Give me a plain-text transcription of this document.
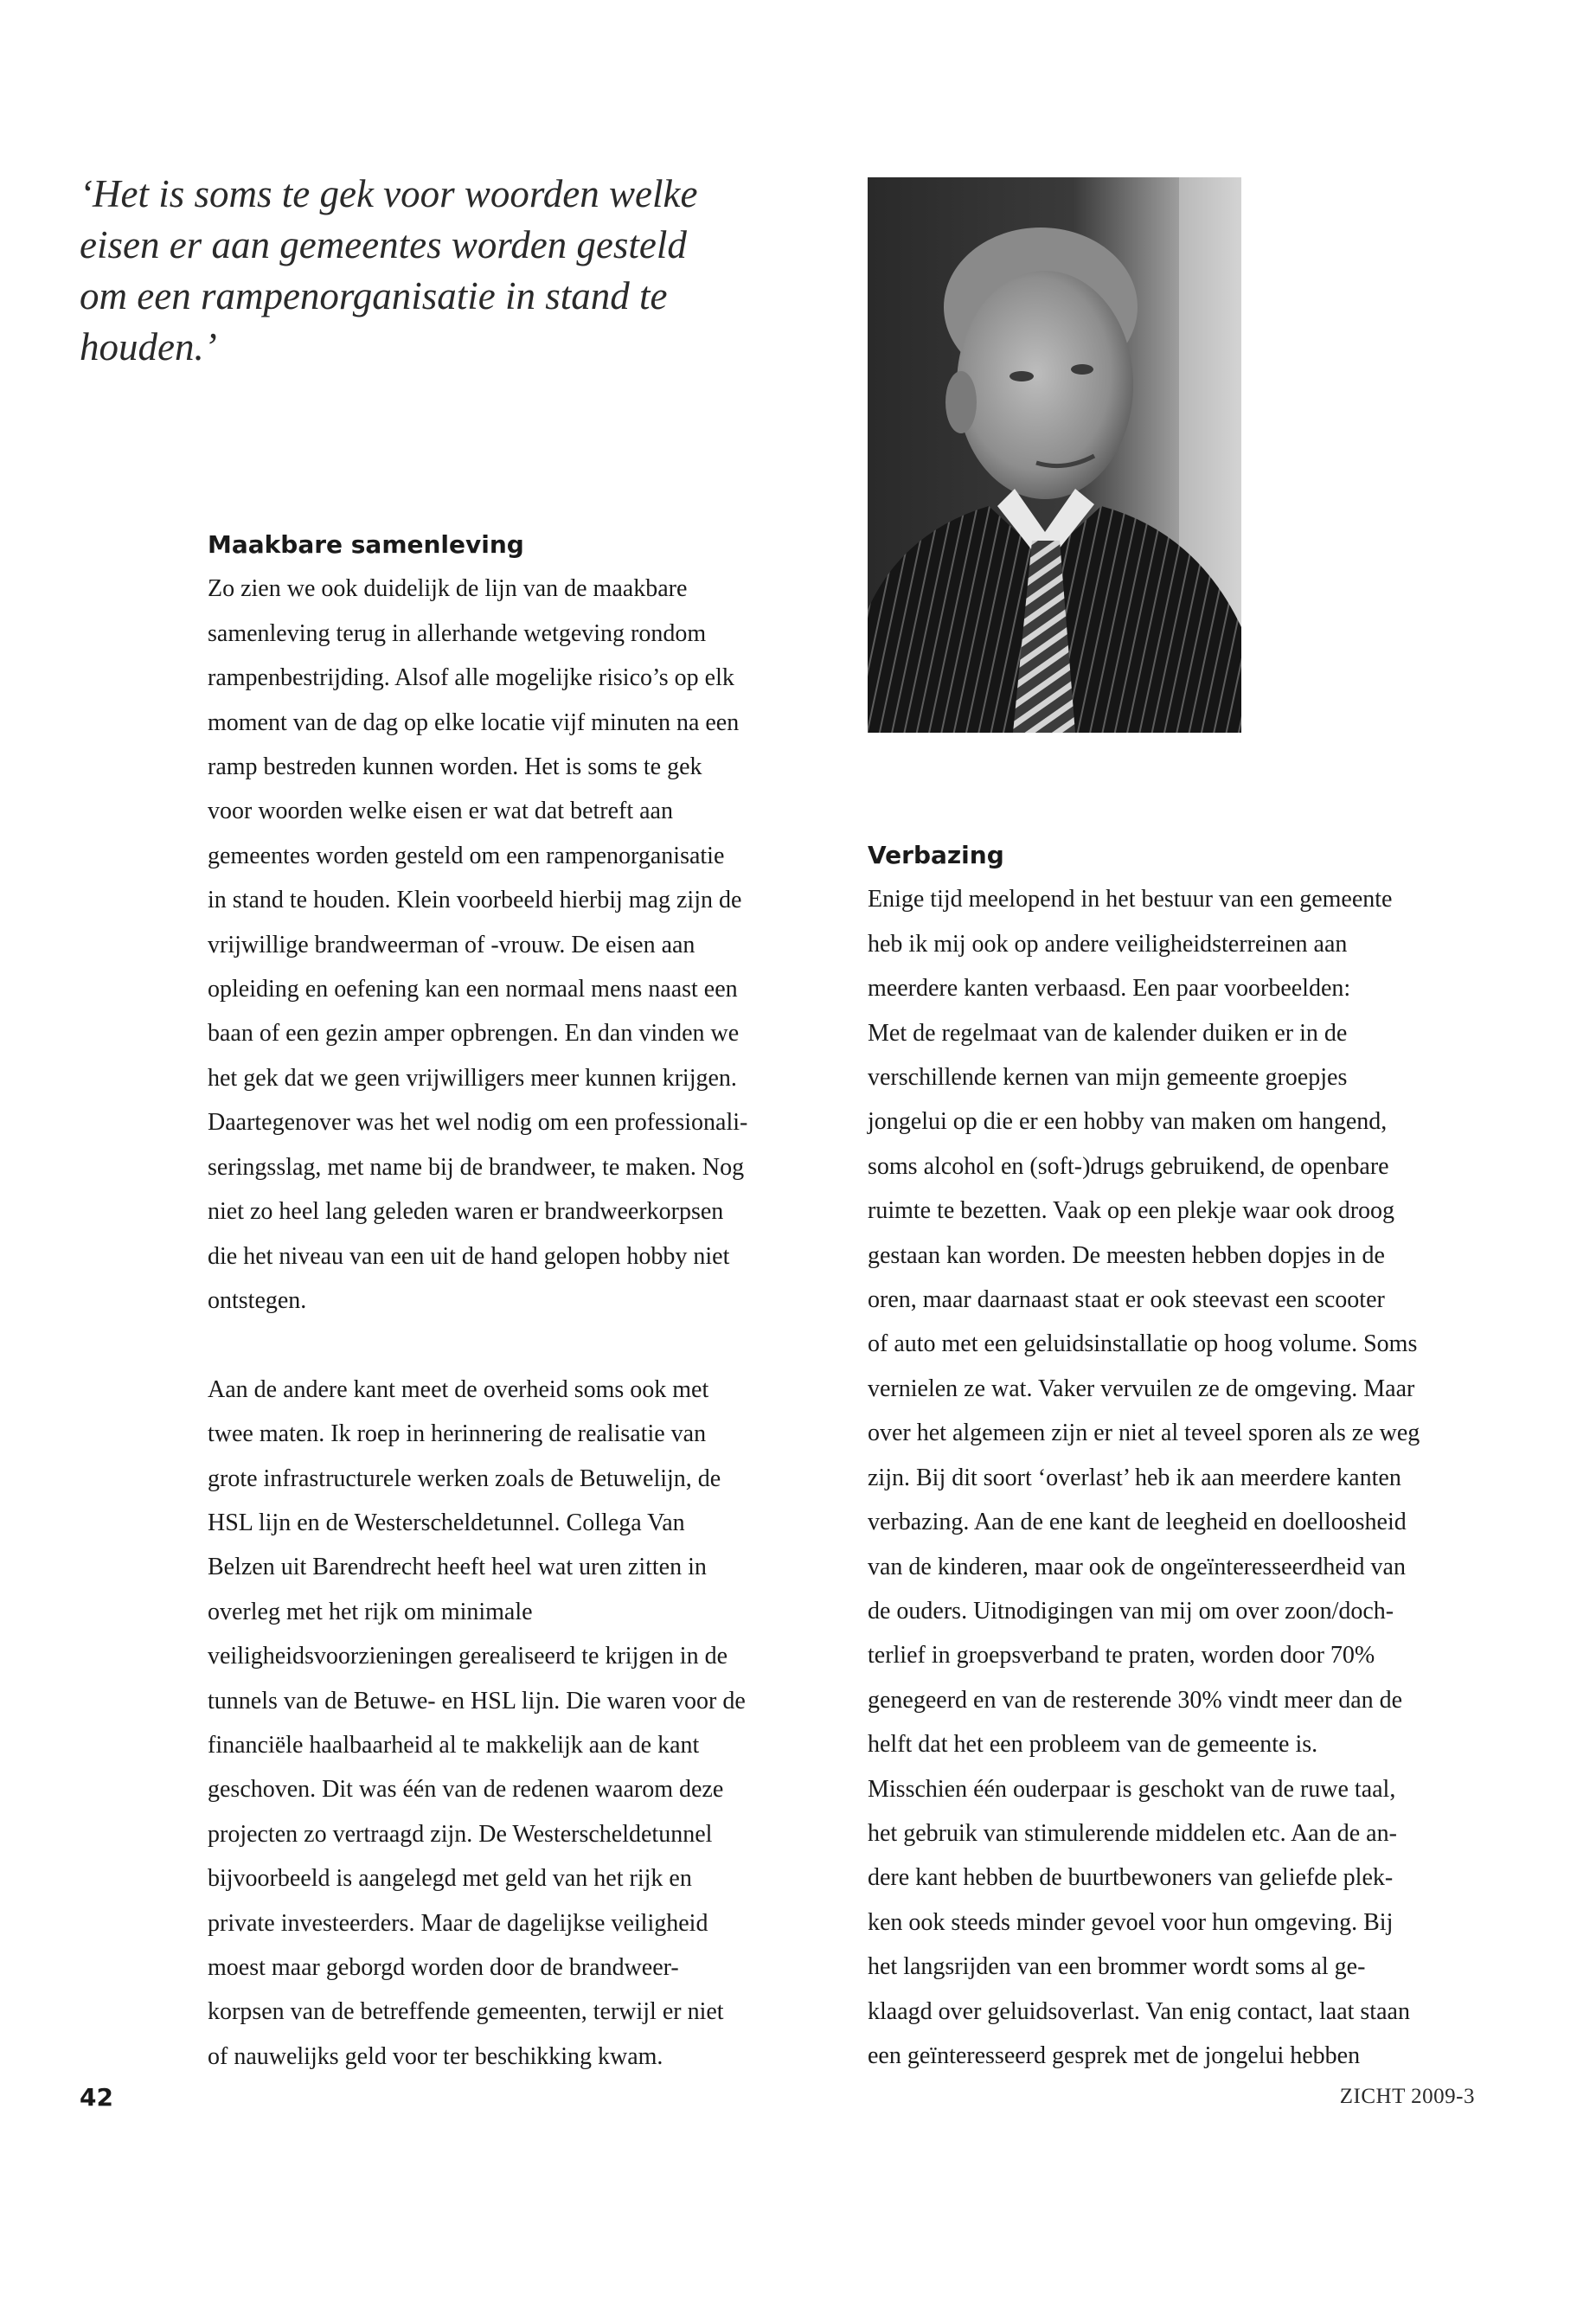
‘Het is soms te gek voor woorden welke
eisen er aan gemeentes worden gesteld
om een rampenorganisatie in stand te
houden.’
Maakbare samenleving

Zo zien we ook duidelijk de lijn van de maakbare
samenleving terug in allerhande wetgeving rondom
rampenbestrijding. Alsof alle mogelijke risico’s op elk
moment van de dag op elke locatie vijf minuten na een
ramp bestreden kunnen worden. Het is soms te gek
voor woorden welke eisen er wat dat betreft aan
gemeentes worden gesteld om een rampenorganisatie
in stand te houden. Klein voorbeeld hierbij mag zijn de
vrijwillige brandweerman of -vrouw. De eisen aan
opleiding en oefening kan een normaal mens naast een
baan of een gezin amper opbrengen. En dan vinden we
het gek dat we geen vrijwilligers meer kunnen krijgen.
Daartegenover was het wel nodig om een professionali-
seringsslag, met name bij de brandweer, te maken. Nog
niet zo heel lang geleden waren er brandweerkorpsen
die het niveau van een uit de hand gelopen hobby niet
ontstegen.

Aan de andere kant meet de overheid soms ook met
twee maten. Ik roep in herinnering de realisatie van
grote infrastructurele werken zoals de Betuwelijn, de
HSL lijn en de Westerscheldetunnel. Collega Van
Belzen uit Barendrecht heeft heel wat uren zitten in
overleg met het rijk om minimale
veiligheidsvoorzieningen gerealiseerd te krijgen in de
tunnels van de Betuwe- en HSL lijn. Die waren voor de
financiële haalbaarheid al te makkelijk aan de kant
geschoven. Dit was één van de redenen waarom deze
projecten zo vertraagd zijn. De Westerscheldetunnel
bijvoorbeeld is aangelegd met geld van het rijk en
private investeerders. Maar de dagelijkse veiligheid
moest maar geborgd worden door de brandweer-
korpsen van de betreffende gemeenten, terwijl er niet
of nauwelijks geld voor ter beschikking kwam.

Verbazing

Enige tijd meelopend in het bestuur van een gemeente
heb ik mij ook op andere veiligheidsterreinen aan
meerdere kanten verbaasd. Een paar voorbeelden:
Met de regelmaat van de kalender duiken er in de
verschillende kernen van mijn gemeente groepjes
jongelui op die er een hobby van maken om hangend,
soms alcohol en (soft-)drugs gebruikend, de openbare
ruimte te bezetten. Vaak op een plekje waar ook droog
gestaan kan worden. De meesten hebben dopjes in de
oren, maar daarnaast staat er ook steevast een scooter
of auto met een geluidsinstallatie op hoog volume. Soms
vernielen ze wat. Vaker vervuilen ze de omgeving. Maar
over het algemeen zijn er niet al teveel sporen als ze weg
zijn. Bij dit soort ‘overlast’ heb ik aan meerdere kanten
verbazing. Aan de ene kant de leegheid en doelloosheid
van de kinderen, maar ook de ongeïnteresseerdheid van
de ouders. Uitnodigingen van mij om over zoon/doch-
terlief in groepsverband te praten, worden door 70%
genegeerd en van de resterende 30% vindt meer dan de
helft dat het een probleem van de gemeente is.
Misschien één ouderpaar is geschokt van de ruwe taal,
het gebruik van stimulerende middelen etc. Aan de an-
dere kant hebben de buurtbewoners van geliefde plek-
ken ook steeds minder gevoel voor hun omgeving. Bij
het langsrijden van een brommer wordt soms al ge-
klaagd over geluidsoverlast. Van enig contact, laat staan
een geïnteresseerd gesprek met de jongelui hebben

42	ZICHT 2009-3
